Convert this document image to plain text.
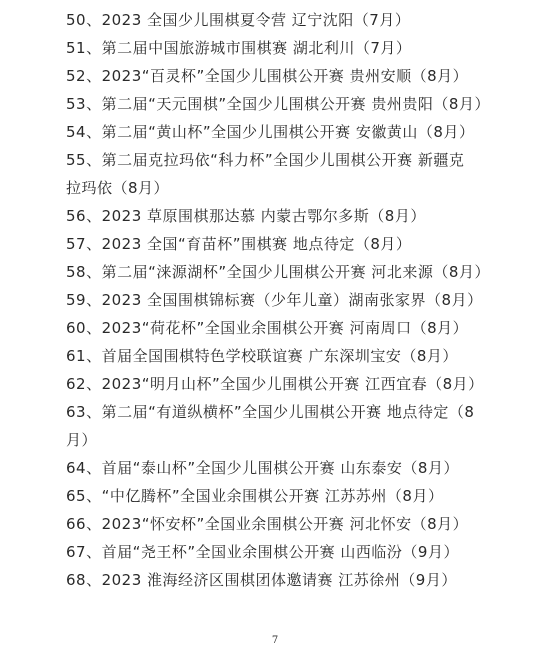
50、2023 全国少儿围棋夏令营 辽宁沈阳（7月）
51、第二届中国旅游城市围棋赛 湖北利川（7月）
52、2023“百灵杯”全国少儿围棋公开赛 贵州安顺（8月）
53、第二届“天元围棋”全国少儿围棋公开赛 贵州贵阳（8月）
54、第二届“黄山杯”全国少儿围棋公开赛 安徽黄山（8月）
55、第二届克拉玛依“科力杯”全国少儿围棋公开赛 新疆克拉玛依（8月）
56、2023 草原围棋那达慕 内蒙古鄂尔多斯（8月）
57、2023 全国“育苗杯”围棋赛 地点待定（8月）
58、第二届“涞源湖杯”全国少儿围棋公开赛 河北来源（8月）
59、2023 全国围棋锦标赛（少年儿童）湖南张家界（8月）
60、2023“荷花杯”全国业余围棋公开赛 河南周口（8月）
61、首届全国围棋特色学校联谊赛 广东深圳宝安（8月）
62、2023“明月山杯”全国少儿围棋公开赛 江西宜春（8月）
63、第二届“有道纵横杯”全国少儿围棋公开赛 地点待定（8月）
64、首届“泰山杯”全国少儿围棋公开赛 山东泰安（8月）
65、“中亿腾杯”全国业余围棋公开赛 江苏苏州（8月）
66、2023“怀安杯”全国业余围棋公开赛 河北怀安（8月）
67、首届“尧王杯”全国业余围棋公开赛 山西临汾（9月）
68、2023 淮海经济区围棋团体邀请赛 江苏徐州（9月）
7
